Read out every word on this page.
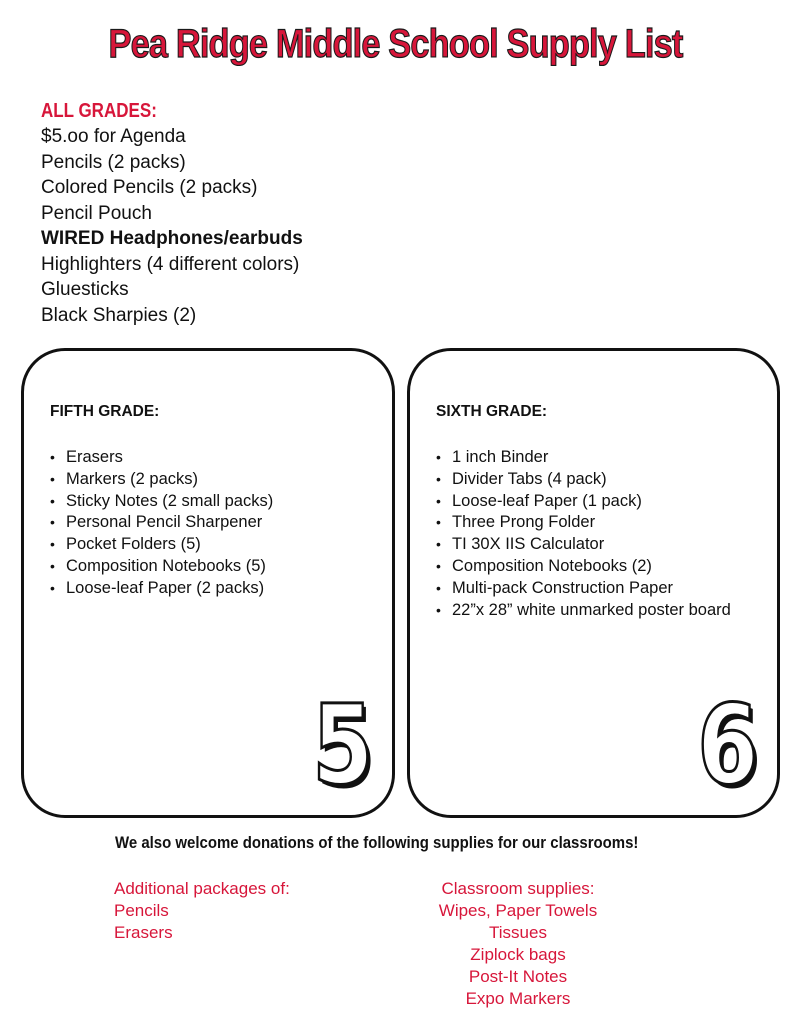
Pea Ridge Middle School Supply List
ALL GRADES:
$5.oo for Agenda
Pencils (2 packs)
Colored Pencils (2 packs)
Pencil Pouch
WIRED Headphones/earbuds
Highlighters (4 different colors)
Gluesticks
Black Sharpies (2)
FIFTH GRADE:
• Erasers
• Markers (2 packs)
• Sticky Notes (2 small packs)
• Personal Pencil Sharpener
• Pocket Folders (5)
• Composition Notebooks (5)
• Loose-leaf Paper (2 packs)
5
SIXTH GRADE:
• 1 inch Binder
• Divider Tabs (4 pack)
• Loose-leaf Paper (1 pack)
• Three Prong Folder
• TI 30X IIS Calculator
• Composition Notebooks (2)
• Multi-pack Construction Paper
• 22”x 28” white unmarked poster board
6
We also welcome donations of the following supplies for our classrooms!
Additional packages of:
Pencils
Erasers
Classroom supplies:
Wipes, Paper Towels
Tissues
Ziplock bags
Post-It Notes
Expo Markers
